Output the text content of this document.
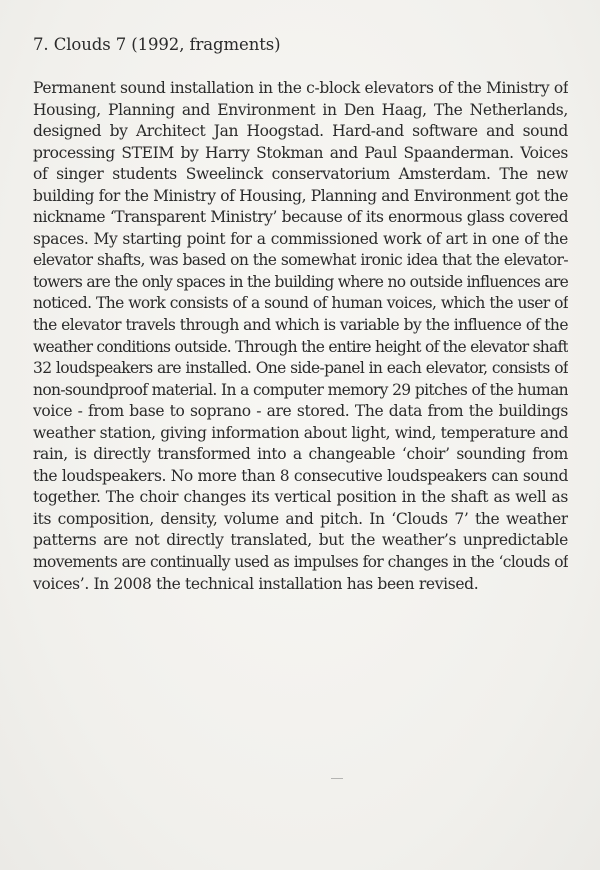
7. Clouds 7 (1992, fragments)
Permanent sound installation in the c-block elevators of the Ministry of
Housing, Planning and Environment in Den Haag, The Netherlands,
designed by Architect Jan Hoogstad. Hard-and software and sound
processing STEIM by Harry Stokman and Paul Spaanderman. Voices
of singer students Sweelinck conservatorium Amsterdam. The new
building for the Ministry of Housing, Planning and Environment got the
nickname ‘Transparent Ministry’ because of its enormous glass covered
spaces. My starting point for a commissioned work of art in one of the
elevator shafts, was based on the somewhat ironic idea that the elevator-
towers are the only spaces in the building where no outside influences are
noticed. The work consists of a sound of human voices, which the user of
the elevator travels through and which is variable by the influence of the
weather conditions outside. Through the entire height of the elevator shaft
32 loudspeakers are installed. One side-panel in each elevator, consists of
non-soundproof material. In a computer memory 29 pitches of the human
voice - from base to soprano - are stored. The data from the buildings
weather station, giving information about light, wind, temperature and
rain, is directly transformed into a changeable ‘choir’ sounding from
the loudspeakers. No more than 8 consecutive loudspeakers can sound
together. The choir changes its vertical position in the shaft as well as
its composition, density, volume and pitch. In ‘Clouds 7’ the weather
patterns are not directly translated, but the weather’s unpredictable
movements are continually used as impulses for changes in the ‘clouds of
voices’. In 2008 the technical installation has been revised.
